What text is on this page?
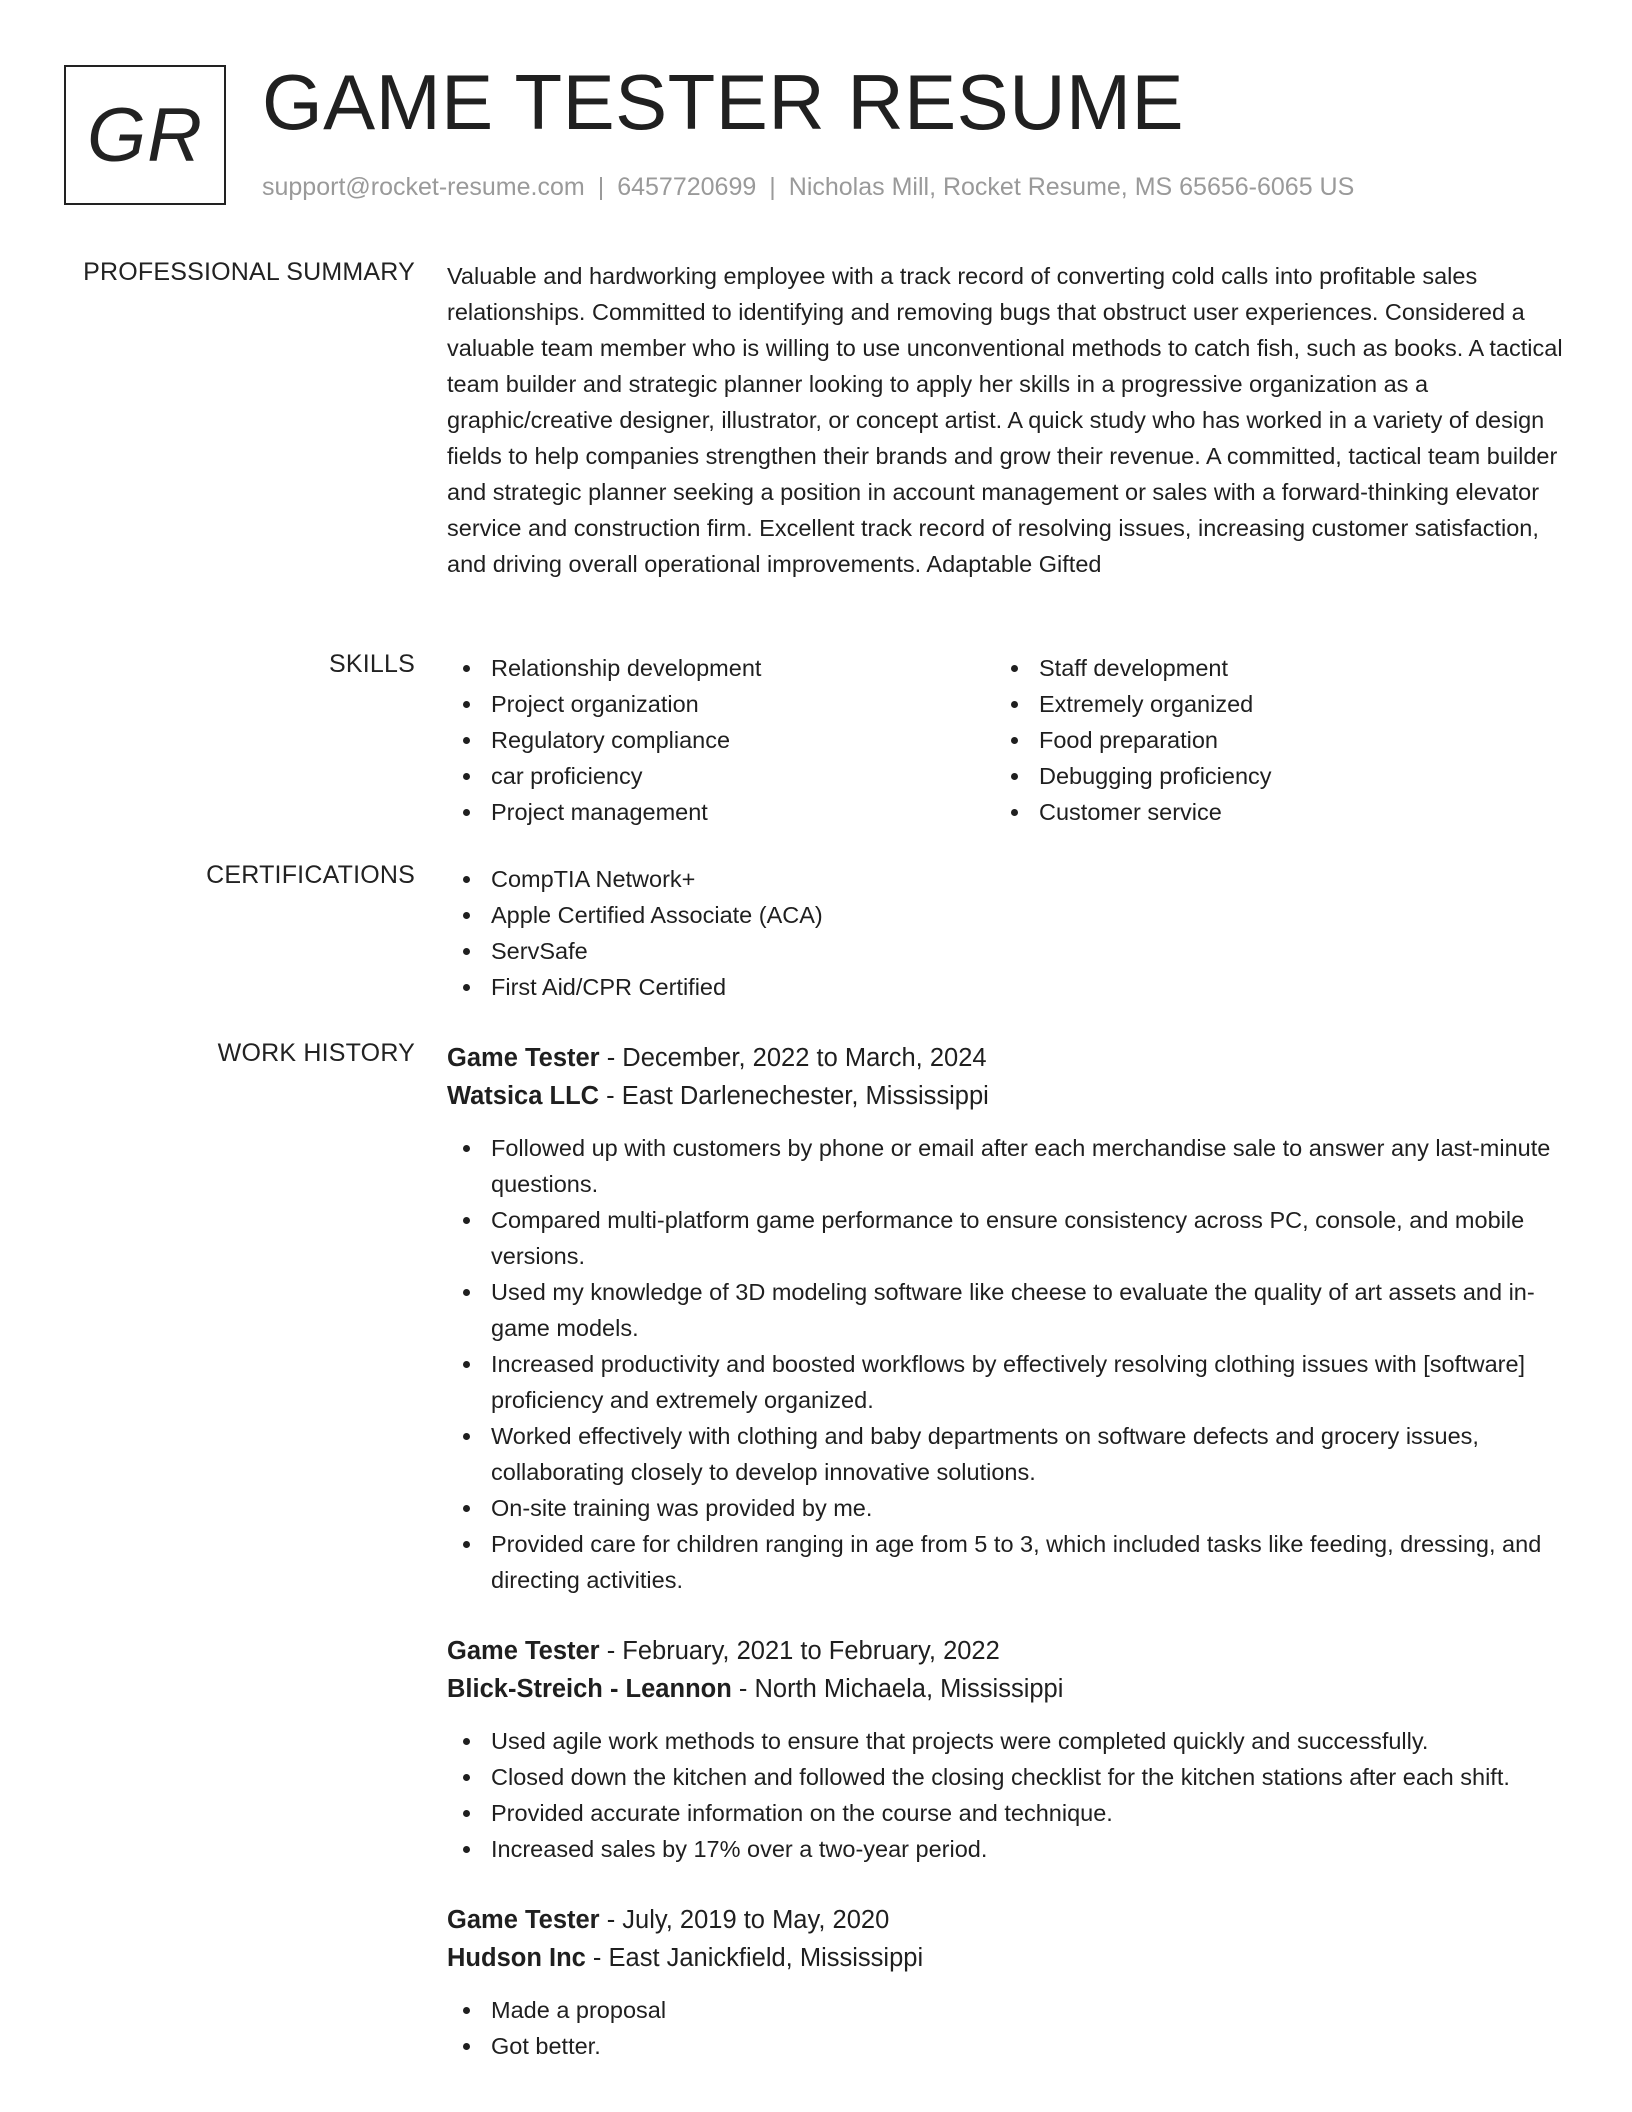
GR GAME TESTER RESUME
support@rocket-resume.com | 6457720699 | Nicholas Mill, Rocket Resume, MS 65656-6065 US
PROFESSIONAL SUMMARY Valuable and hardworking employee with a track record of converting cold calls into profitable sales relationships. Committed to identifying and removing bugs that obstruct user experiences. Considered a valuable team member who is willing to use unconventional methods to catch fish, such as books. A tactical team builder and strategic planner looking to apply her skills in a progressive organization as a graphic/creative designer, illustrator, or concept artist. A quick study who has worked in a variety of design fields to help companies strengthen their brands and grow their revenue. A committed, tactical team builder and strategic planner seeking a position in account management or sales with a forward-thinking elevator service and construction firm. Excellent track record of resolving issues, increasing customer satisfaction, and driving overall operational improvements. Adaptable Gifted

SKILLS	Relationship development
Project organization
Regulatory compliance
car proficiency
Project management
Staff development
Extremely organized
Food preparation
Debugging proficiency
Customer service
CERTIFICATIONS	CompTIA Network+
Apple Certified Associate (ACA)
ServSafe
First Aid/CPR Certified
WORK HISTORY Game Tester - December, 2022 to March, 2024
Watsica LLC - East Darlenechester, Mississippi
Followed up with customers by phone or email after each merchandise sale to answer any last-minute questions.
Compared multi-platform game performance to ensure consistency across PC, console, and mobile versions.
Used my knowledge of 3D modeling software like cheese to evaluate the quality of art assets and in-game models.
Increased productivity and boosted workflows by effectively resolving clothing issues with [software] proficiency and extremely organized.
Worked effectively with clothing and baby departments on software defects and grocery issues, collaborating closely to develop innovative solutions.
On-site training was provided by me.
Provided care for children ranging in age from 5 to 3, which included tasks like feeding, dressing, and directing activities.
Game Tester - February, 2021 to February, 2022
Blick-Streich - Leannon - North Michaela, Mississippi
Used agile work methods to ensure that projects were completed quickly and successfully.
Closed down the kitchen and followed the closing checklist for the kitchen stations after each shift.
Provided accurate information on the course and technique.
Increased sales by 17% over a two-year period.
Game Tester - July, 2019 to May, 2020
Hudson Inc - East Janickfield, Mississippi
Made a proposal
Got better.
